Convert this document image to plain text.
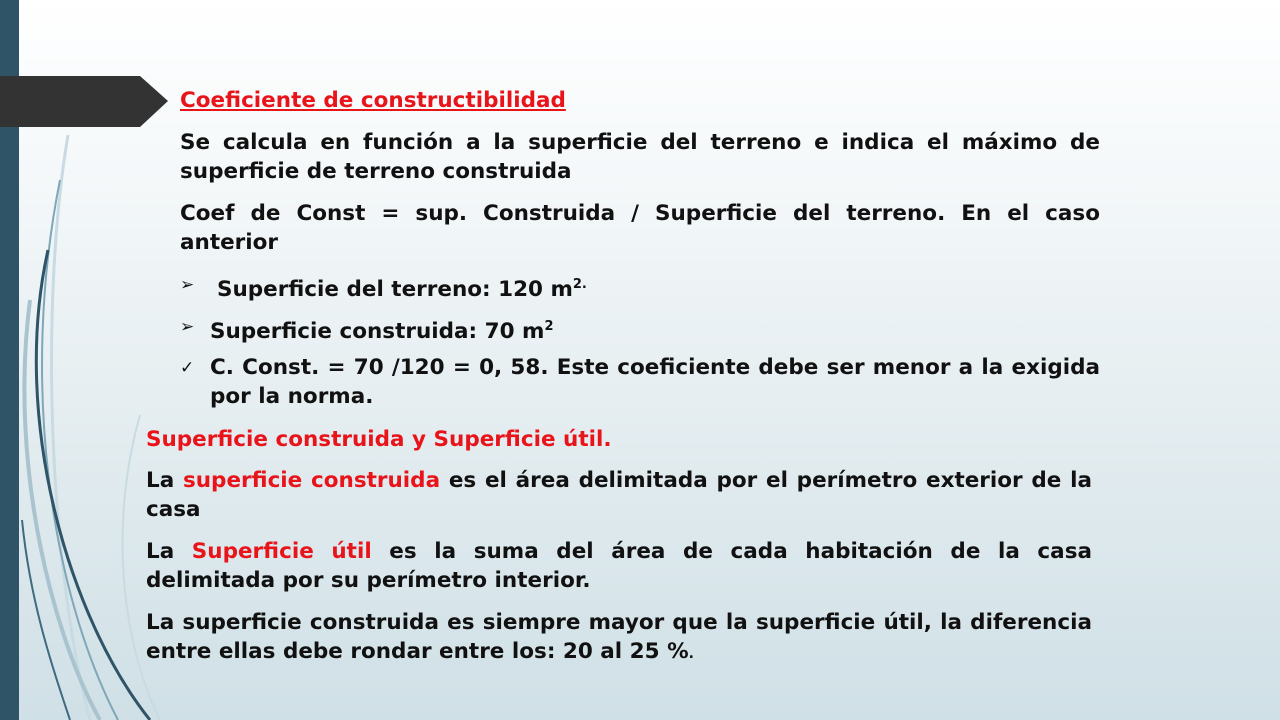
Coeficiente de constructibilidad
Se calcula en función a la superficie del terreno e indica el máximo de superficie de terreno construida
Coef de Const = sup. Construida / Superficie del terreno. En el caso anterior
➢	Superficie del terreno: 120 $m^{2.}$
➢ Superficie construida: 70 $m^2$
✓ C. Const. = 70 /120 = 0, 58. Este coeficiente debe ser menor a la exigida por la norma.
Superficie construida y Superficie útil.
La superficie construida es el área delimitada por el perímetro exterior de la casa
La Superficie útil es la suma del área de cada habitación de la casa delimitada por su perímetro interior.
La superficie construida es siempre mayor que la superficie útil, la diferencia entre ellas debe rondar entre los: 20 al 25 %.
